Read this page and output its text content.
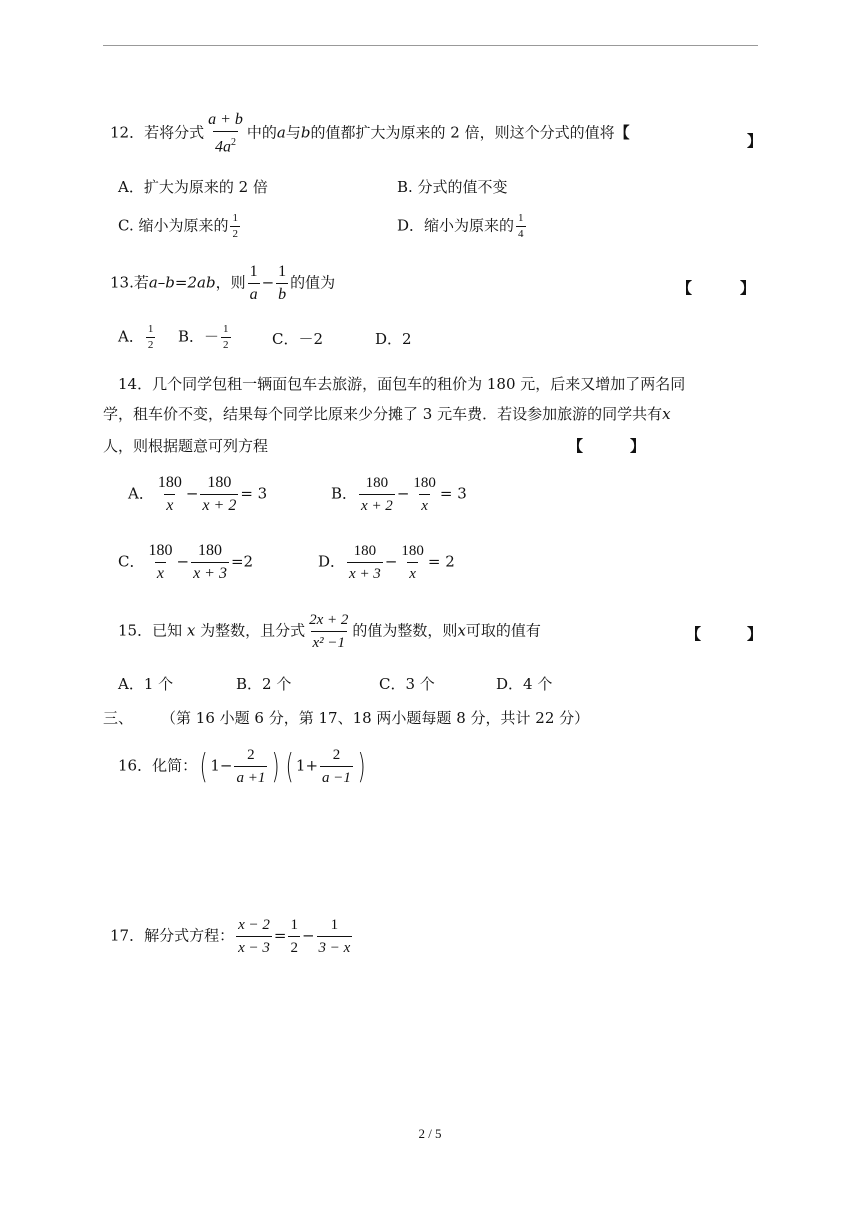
12．若将分式 $\frac{a + b}{4a^2}$ 中的a与b的值都扩大为原来的 2 倍，则这个分式的值将【	】
A．扩大为原来的 2 倍	B. 分式的值不变
C. 缩小为原来的 $\frac{1}{2}$	D．缩小为原来的 $\frac{1}{4}$
13.若a–b=2ab，则 $\frac{1}{a} - \frac{1}{b}$ 的值为	【	】
A． $\frac{1}{2}$ B．－ $\frac{1}{2}$	C．－2	D．2
14．几个同学包租一辆面包车去旅游，面包车的租价为 180 元，后来又增加了两名同
学，租车价不变，结果每个同学比原来少分摊了 3 元车费．若设参加旅游的同学共有x
人，则根据题意可列方程	【	】
A． $\frac{180}{x} - \frac{180}{x + 2} = 3$	B． $\frac{180}{x + 2} - \frac{180}{x} = 3$
C． $\frac{180}{x} - \frac{180}{x + 3} =2$	D． $\frac{180}{x + 3} - \frac{180}{x} = 2$
15．已知 x 为整数，且分式 $\frac{2x + 2}{\text{x² −1}}$ 的值为整数，则x可取的值有	【	】
A．1 个	B．2 个	C．3 个	D．4 个
三、 （第 16 小题 6 分，第 17、18 两小题每题 8 分，共计 22 分）
16．化简：( $1- \frac{2}{a +1}$ ) ( $1+ \frac{2}{a -1}$ )
17．解分式方程： $\frac{x - 2}{x - 3} = \frac{1}{2} - \frac{1}{3 - x}$
2 / 5
